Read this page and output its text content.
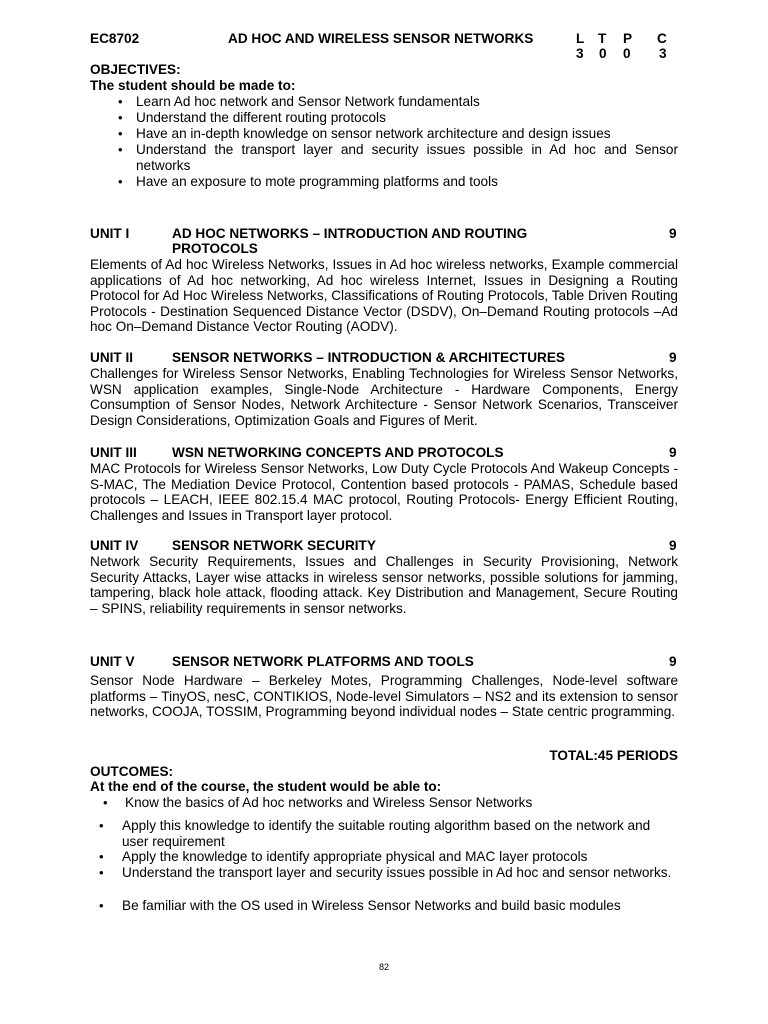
EC8702	AD HOC AND WIRELESS SENSOR NETWORKS	L T P C
3 0 0 3
OBJECTIVES:
The student should be made to:
• Learn Ad hoc network and Sensor Network fundamentals
• Understand the different routing protocols
• Have an in-depth knowledge on sensor network architecture and design issues
• Understand the transport layer and security issues possible in Ad hoc and Sensor networks
• Have an exposure to mote programming platforms and tools
UNIT I	AD HOC NETWORKS – INTRODUCTION AND ROUTING
PROTOCOLS
9
Elements of Ad hoc Wireless Networks, Issues in Ad hoc wireless networks, Example commercial applications of Ad hoc networking, Ad hoc wireless Internet, Issues in Designing a Routing Protocol for Ad Hoc Wireless Networks, Classifications of Routing Protocols, Table Driven Routing Protocols - Destination Sequenced Distance Vector (DSDV), On–Demand Routing protocols –Ad hoc On–Demand Distance Vector Routing (AODV).
UNIT II	SENSOR NETWORKS – INTRODUCTION & ARCHITECTURES	9
Challenges for Wireless Sensor Networks, Enabling Technologies for Wireless Sensor Networks, WSN application examples, Single-Node Architecture - Hardware Components, Energy Consumption of Sensor Nodes, Network Architecture - Sensor Network Scenarios, Transceiver Design Considerations, Optimization Goals and Figures of Merit.
UNIT III	WSN NETWORKING CONCEPTS AND PROTOCOLS	9
MAC Protocols for Wireless Sensor Networks, Low Duty Cycle Protocols And Wakeup Concepts - S-MAC, The Mediation Device Protocol, Contention based protocols - PAMAS, Schedule based protocols – LEACH, IEEE 802.15.4 MAC protocol, Routing Protocols- Energy Efficient Routing, Challenges and Issues in Transport layer protocol.
UNIT IV SENSOR NETWORK SECURITY	9
Network Security Requirements, Issues and Challenges in Security Provisioning, Network Security Attacks, Layer wise attacks in wireless sensor networks, possible solutions for jamming, tampering, black hole attack, flooding attack. Key Distribution and Management, Secure Routing – SPINS, reliability requirements in sensor networks.
UNIT V	SENSOR NETWORK PLATFORMS AND TOOLS	9
Sensor Node Hardware – Berkeley Motes, Programming Challenges, Node-level software platforms – TinyOS, nesC, CONTIKIOS, Node-level Simulators – NS2 and its extension to sensor networks, COOJA, TOSSIM, Programming beyond individual nodes – State centric programming.
TOTAL:45 PERIODS
OUTCOMES:
At the end of the course, the student would be able to:
• Know the basics of Ad hoc networks and Wireless Sensor Networks
• Apply this knowledge to identify the suitable routing algorithm based on the network and user requirement
• Apply the knowledge to identify appropriate physical and MAC layer protocols
• Understand the transport layer and security issues possible in Ad hoc and sensor networks.
• Be familiar with the OS used in Wireless Sensor Networks and build basic modules
82
